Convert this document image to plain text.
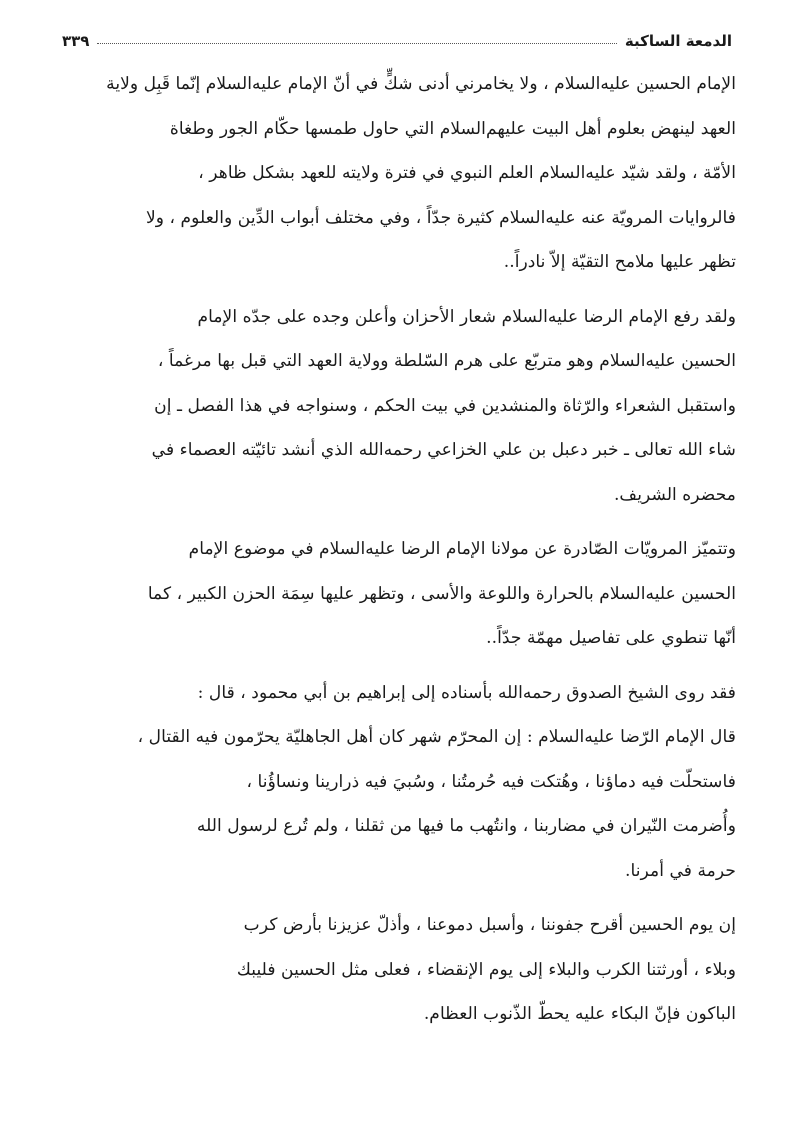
الدمعة الساكبة
٣٣٩

الإمام الحسين عليه‌السلام ، ولا يخامرني أدنى شكٍّ في أنّ الإمام عليه‌السلام إنّما قَبِل ولاية
العهد لينهض بعلوم أهل البيت عليهم‌السلام التي حاول طمسها حكّام الجور وطغاة
الأمّة ، ولقد شيّد عليه‌السلام العلم النبوي في فترة ولايته للعهد بشكل ظاهر ،
فالروايات المرويّة عنه عليه‌السلام كثيرة جدّاً ، وفي مختلف أبواب الدِّين والعلوم ، ولا
تظهر عليها ملامح التقيّة إلاّ نادراً..

ولقد رفع الإمام الرضا عليه‌السلام شعار الأحزان وأعلن وجده على جدّه الإمام
الحسين عليه‌السلام وهو متربّع على هرم السّلطة وولاية العهد التي قبل بها مرغماً ،
واستقبل الشعراء والرّثاة والمنشدين في بيت الحكم ، وسنواجه في هذا الفصل ـ إن
شاء الله تعالى ـ خبر دعبل بن علي الخزاعي رحمه‌الله الذي أنشد تائيّته العصماء في
محضره الشريف.

وتتميّز المرويّات الصّادرة عن مولانا الإمام الرضا عليه‌السلام في موضوع الإمام
الحسين عليه‌السلام بالحرارة واللوعة والأسى ، وتظهر عليها سِمَة الحزن الكبير ، كما
أنّها تنطوي على تفاصيل مهمّة جدّاً..

فقد روى الشيخ الصدوق رحمه‌الله بأسناده إلى إبراهيم بن أبي محمود ، قال :
قال الإمام الرّضا عليه‌السلام : إن المحرّم شهر كان أهل الجاهليّة يحرّمون فيه القتال ،
فاستحلّت فيه دماؤنا ، وهُتكت فيه حُرمتُنا ، وسُبيَ فيه ذرارينا ونساؤُنا ،
وأُضرمت النّيران في مضاربنا ، وانتُهب ما فيها من ثقلنا ، ولم تُرع لرسول الله
حرمة في أمرنا.

إن يوم الحسين أقرح جفوننا ، وأسبل دموعنا ، وأذلّ عزيزنا بأرض كرب
وبلاء ، أورثتنا الكرب والبلاء إلى يوم الإنقضاء ، فعلى مثل الحسين فليبك
الباكون فإنّ البكاء عليه يحطّ الذّنوب العظام.
